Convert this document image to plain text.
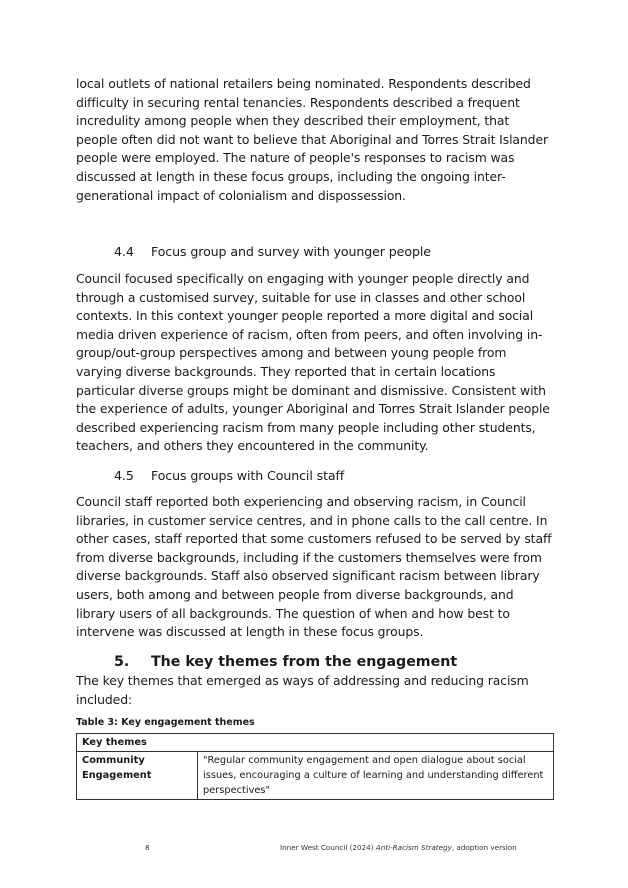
local outlets of national retailers being nominated. Respondents described difficulty in securing rental tenancies. Respondents described a frequent incredulity among people when they described their employment, that people often did not want to believe that Aboriginal and Torres Strait Islander people were employed. The nature of people's responses to racism was discussed at length in these focus groups, including the ongoing inter-generational impact of colonialism and dispossession.

4.4 Focus group and survey with younger people

Council focused specifically on engaging with younger people directly and through a customised survey, suitable for use in classes and other school contexts. In this context younger people reported a more digital and social media driven experience of racism, often from peers, and often involving in-group/out-group perspectives among and between young people from varying diverse backgrounds. They reported that in certain locations particular diverse groups might be dominant and dismissive. Consistent with the experience of adults, younger Aboriginal and Torres Strait Islander people described experiencing racism from many people including other students, teachers, and others they encountered in the community.

4.5 Focus groups with Council staff

Council staff reported both experiencing and observing racism, in Council libraries, in customer service centres, and in phone calls to the call centre. In other cases, staff reported that some customers refused to be served by staff from diverse backgrounds, including if the customers themselves were from diverse backgrounds. Staff also observed significant racism between library users, both among and between people from diverse backgrounds, and library users of all backgrounds. The question of when and how best to intervene was discussed at length in these focus groups.

5. The key themes from the engagement

The key themes that emerged as ways of addressing and reducing racism included:

Table 3: Key engagement themes

Key themes
Community Engagement	"Regular community engagement and open dialogue about social issues, encouraging a culture of learning and understanding different perspectives"
8	Inner West Council (2024) Anti-Racism Strategy, adoption version
